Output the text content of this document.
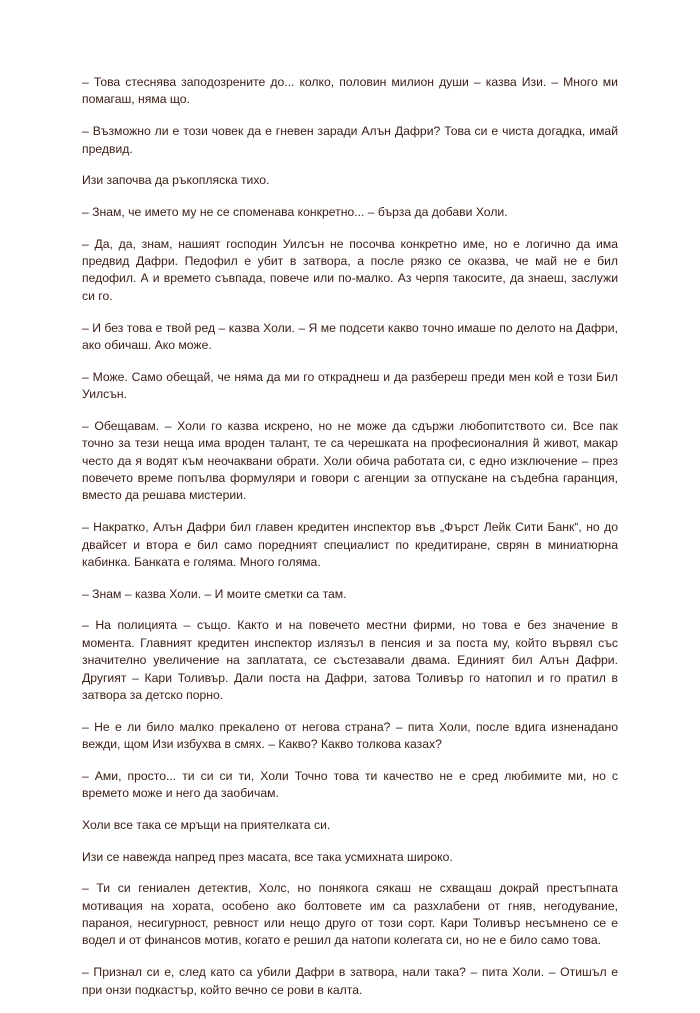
– Това стеснява заподозрените до... колко, половин милион души – казва Изи. – Много ми помагаш, няма що.

– Възможно ли е този човек да е гневен заради Алън Дафри? Това си е чиста догадка, имай предвид.

Изи започва да ръкопляска тихо.

– Знам, че името му не се споменава конкретно... – бърза да добави Холи.

– Да, да, знам, нашият господин Уилсън не посочва конкретно име, но е логично да има предвид Дафри. Педофил е убит в затвора, а после рязко се оказва, че май не е бил педофил. А и времето съвпада, повече или по-малко. Аз черпя такосите, да знаеш, заслужи си го.

– И без това е твой ред – казва Холи. – Я ме подсети какво точно имаше по делото на Дафри, ако обичаш. Ако може.

– Може. Само обещай, че няма да ми го откраднеш и да разбереш преди мен кой е този Бил Уилсън.

– Обещавам. – Холи го казва искрено, но не може да сдържи любопитството си. Все пак точно за тези неща има вроден талант, те са черешката на професионалния й живот, макар често да я водят към неочаквани обрати. Холи обича работата си, с едно изключение – през повечето време попълва формуляри и говори с агенции за отпускане на съдебна гаранция, вместо да решава мистерии.

– Накратко, Алън Дафри бил главен кредитен инспектор във „Фърст Лейк Сити Банк“, но до двайсет и втора е бил само поредният специалист по кредитиране, сврян в миниатюрна кабинка. Банката е голяма. Много голяма.

– Знам – казва Холи. – И моите сметки са там.

– На полицията – също. Както и на повечето местни фирми, но това е без значение в момента. Главният кредитен инспектор излязъл в пенсия и за поста му, който вървял със значително увеличение на заплатата, се състезавали двама. Единият бил Алън Дафри. Другият – Кари Толивър. Дали поста на Дафри, затова Толивър го натопил и го пратил в затвора за детско порно.

– Не е ли било малко прекалено от негова страна? – пита Холи, после вдига изненадано вежди, щом Изи избухва в смях. – Какво? Какво толкова казах?

– Ами, просто... ти си си ти, Холи Точно това ти качество не е сред любимите ми, но с времето може и него да заобичам.

Холи все така се мръщи на приятелката си.

Изи се навежда напред през масата, все така усмихната широко.

– Ти си гениален детектив, Холс, но понякога сякаш не схващаш докрай престъпната мотивация на хората, особено ако болтовете им са разхлабени от гняв, негодувание, параноя, несигурност, ревност или нещо друго от този сорт. Кари Толивър несъмнено се е водел и от финансов мотив, когато е решил да натопи колегата си, но не е било само това.

– Признал си е, след като са убили Дафри в затвора, нали така? – пита Холи. – Отишъл е при онзи подкастър, който вечно се рови в калта.
